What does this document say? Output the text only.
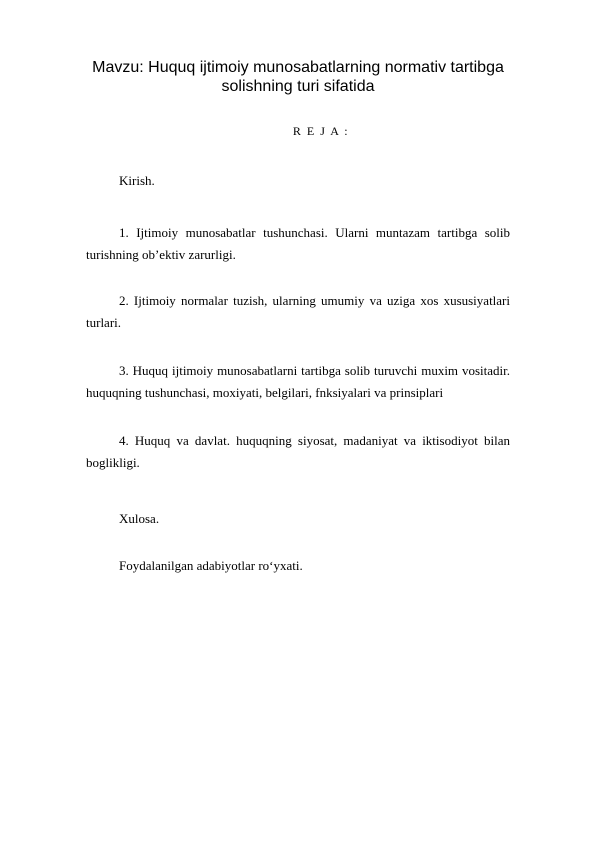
Mavzu: Huquq ijtimoiy munosabatlarning normativ tartibga solishning turi sifatida
R E J A :
Kirish.
1. Ijtimoiy munosabatlar tushunchasi. Ularni muntazam tartibga solib turishning ob’ektiv zarurligi.
2. Ijtimoiy normalar tuzish, ularning umumiy va uziga xos xususiyatlari turlari.
3. Huquq ijtimoiy munosabatlarni tartibga solib turuvchi muxim vositadir. huquqning tushunchasi, moxiyati, belgilari, fnksiyalari va prinsiplari
4. Huquq va davlat. huquqning siyosat, madaniyat va iktisodiyot bilan boglikligi.
Xulosa.
Foydalanilgan adabiyotlar ro‘yxati.
